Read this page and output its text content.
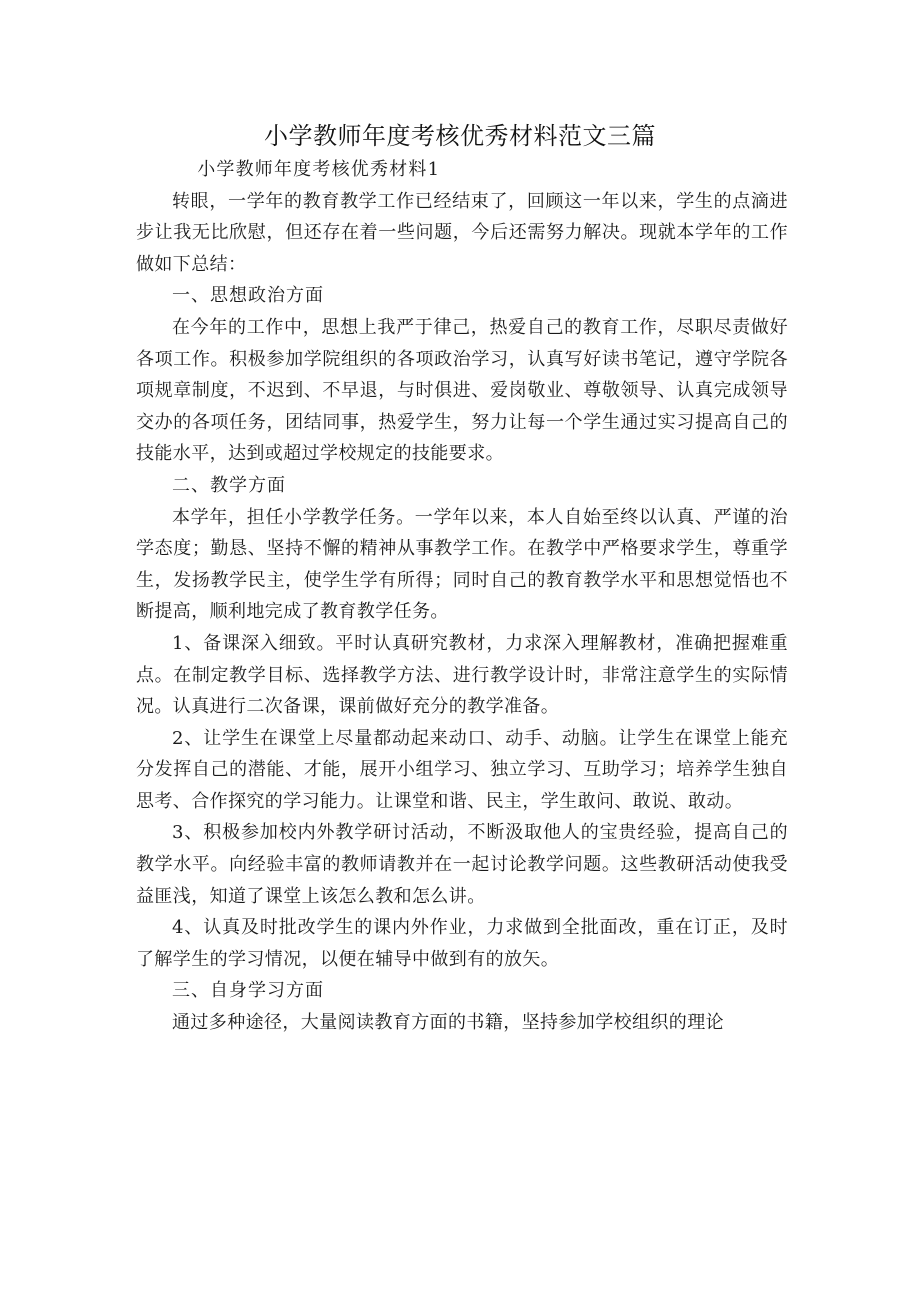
小学教师年度考核优秀材料范文三篇

小学教师年度考核优秀材料1

转眼，一学年的教育教学工作已经结束了，回顾这一年以来，学生的点滴进步让我无比欣慰，但还存在着一些问题，今后还需努力解决。现就本学年的工作做如下总结：

一、思想政治方面

在今年的工作中，思想上我严于律己，热爱自己的教育工作，尽职尽责做好各项工作。积极参加学院组织的各项政治学习，认真写好读书笔记，遵守学院各项规章制度，不迟到、不早退，与时俱进、爱岗敬业、尊敬领导、认真完成领导交办的各项任务，团结同事，热爱学生，努力让每一个学生通过实习提高自己的技能水平，达到或超过学校规定的技能要求。

二、教学方面

本学年，担任小学教学任务。一学年以来，本人自始至终以认真、严谨的治学态度；勤恳、坚持不懈的精神从事教学工作。在教学中严格要求学生，尊重学生，发扬教学民主，使学生学有所得；同时自己的教育教学水平和思想觉悟也不断提高，顺利地完成了教育教学任务。

1、备课深入细致。平时认真研究教材，力求深入理解教材，准确把握难重点。在制定教学目标、选择教学方法、进行教学设计时，非常注意学生的实际情况。认真进行二次备课，课前做好充分的教学准备。

2、让学生在课堂上尽量都动起来动口、动手、动脑。让学生在课堂上能充分发挥自己的潜能、才能，展开小组学习、独立学习、互助学习；培养学生独自思考、合作探究的学习能力。让课堂和谐、民主，学生敢问、敢说、敢动。

3、积极参加校内外教学研讨活动，不断汲取他人的宝贵经验，提高自己的教学水平。向经验丰富的教师请教并在一起讨论教学问题。这些教研活动使我受益匪浅，知道了课堂上该怎么教和怎么讲。

4、认真及时批改学生的课内外作业，力求做到全批面改，重在订正，及时了解学生的学习情况，以便在辅导中做到有的放矢。

三、自身学习方面

通过多种途径，大量阅读教育方面的书籍，坚持参加学校组织的理论
